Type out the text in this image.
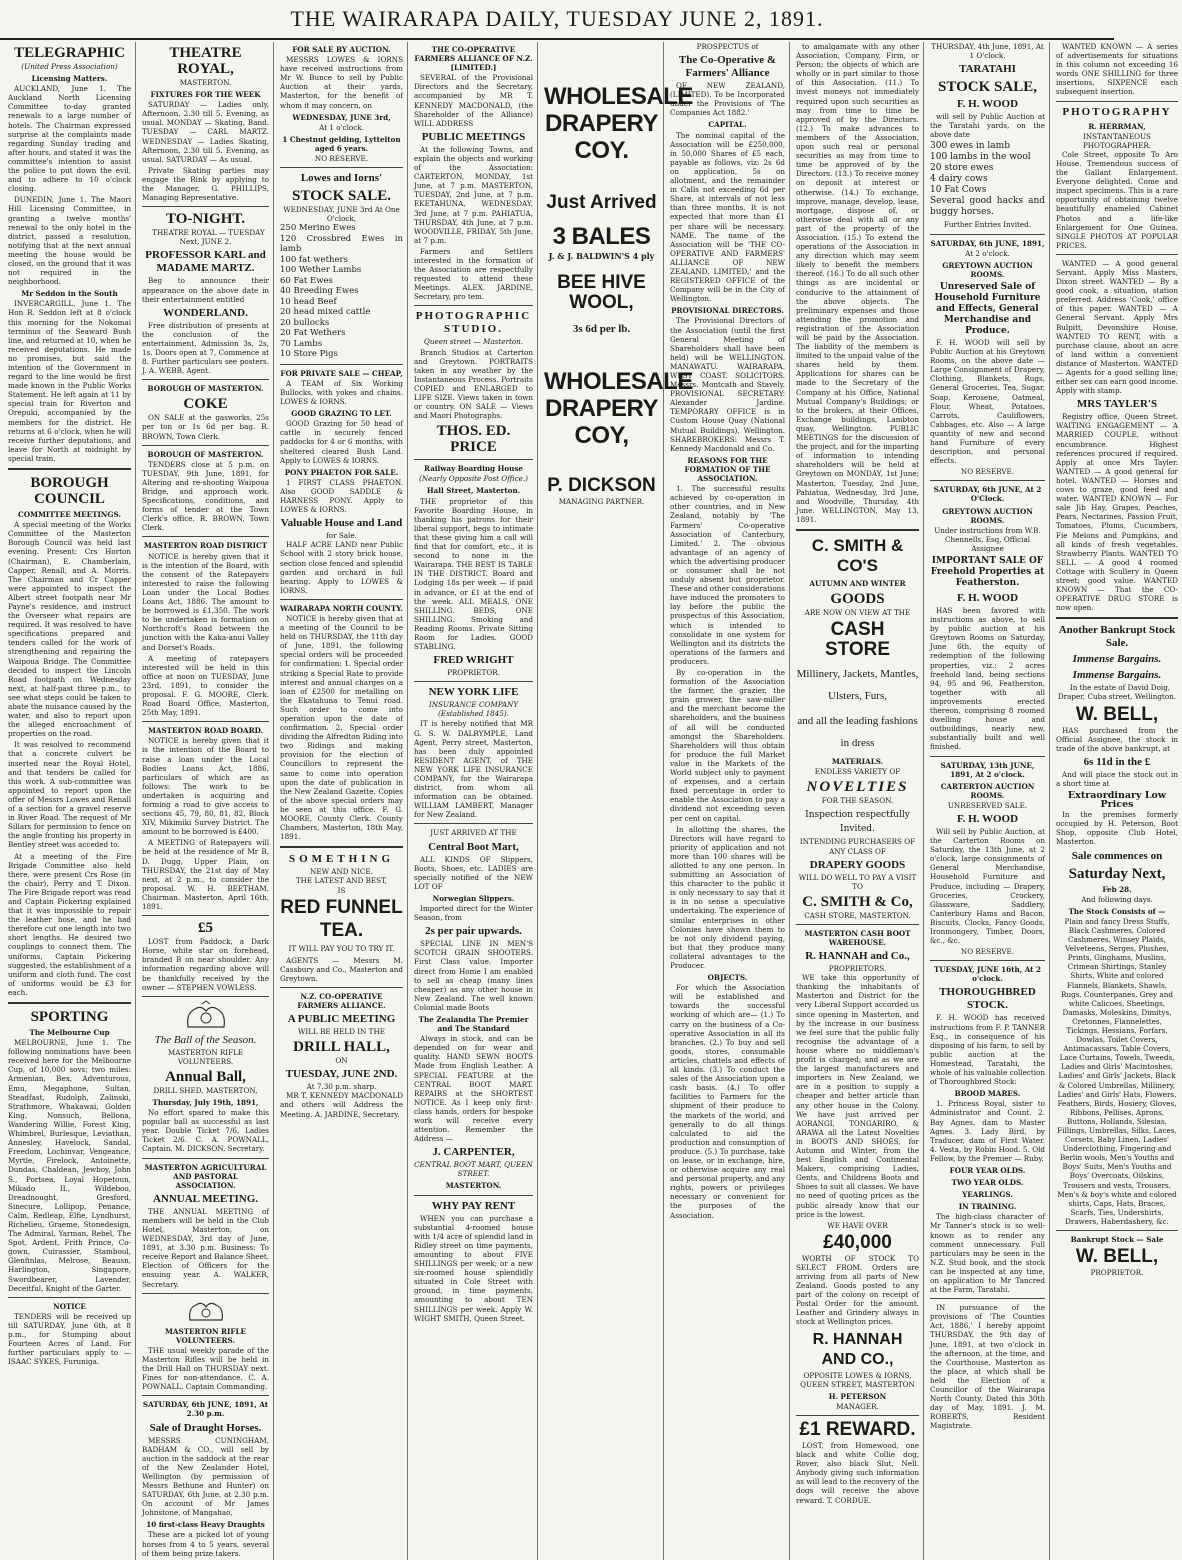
THE WAIRARAPA DAILY, TUESDAY JUNE 2, 1891.
TELEGRAPHIC
(United Press Association)
Licensing Matters.

AUCKLAND, June 1. The Auckland North Licensing Committee to-day granted renewals to a large number of hotels. The Chairman expressed surprise at the complaints made regarding Sunday trading and after hours, and stated it was the committee's intention to assist the police to put down the evil, and to adhere to 10 o'clock closing.

DUNEDIN, June 1. The Maori Hill Licensing Committee, in granting a twelve months' renewal to the only hotel in the district, passed a resolution, notifying that at the next annual meeting the house would be closed, on the ground that it was not required in the neighborhood.

Mr Seddon in the South

INVERCARGILL, June 1. The Hon R. Seddon left at 8 o'clock this morning for the Nokomai terminus of the Seaward Bush line, and returned at 10, when he received deputations. He made no promises, but said the intention of the Government in regard to the line would be first made known in the Public Works Statement. He left again at 11 by special train for Riverton and Orepuki, accompanied by the members for the district. He returns at 6 o'clock, when he will receive further deputations, and leave for North at midnight by special train.

BOROUGH COUNCIL
COMMITTEE MEETINGS.

A special meeting of the Works Committee of the Masterton Borough Council was held last evening. Present: Crs Horton (Chairman), E. Chamberlain, Capper, Renall, and A. Morris. The Chairman and Cr Capper were appointed to inspect the Albert street footpath near Mr Payne's residence, and instruct the Overseer what repairs are required. It was resolved to have specifications prepared and tenders called for the work of strengthening and repairing the Waipoua Bridge. The Committee decided to inspect the Lincoln Road footpath on Wednesday next, at half-past three p.m., to see what steps could be taken to abate the nuisance caused by the water, and also to report upon the alleged encroachment of properties on the road.

It was resolved to recommend that a concrete culvert be inserted near the Royal Hotel, and that tenders be called for this work. A sub-committee was appointed to report upon the offer of Messrs Lowes and Renall of a section for a gravel reserve in River Road. The request of Mr Sillars for permission to fence on the angle fronting his property in Bentley street was acceded to.

At a meeting of the Fire Brigade Committee also held there, were present Crs Rose (in the chair), Perry and T. Dixon. The Fire Brigade report was read and Captain Pickering explained that it was impossible to repair the leather hose, and he had therefore cut one length into two short lengths. He desired two couplings to connect them. The uniforms, Captain Pickering suggested, the establishment of a uniform and cloth fund. The cost of uniforms would be £3 for each.

SPORTING
The Melbourne Cup

MELBOURNE, June 1. The following nominations have been received here for the Melbourne Cup, of 10,000 sovs; two miles: Armenian, Bex, Adventurous, Emu, Megaphone, Sultan, Steadfast, Rudolph, Zalinski, Strathmore, Whakawai, Golden King, Nonsuch, Bellona, Wandering Willie, Forest King, Whimbrel, Burlesque, Leviathan, Annesley, Havelock, Sandal, Freedom, Lochinvar, Vengeance, Myrtle, Firelock, Antoinette, Dundas, Chaldean, Jewboy, John S., Portsea, Loyal Hopetoun, Mikado II., Wildeboo, Dreadnought, Gresford, Sinecure, Lollipop, Penance, Calm, Redleap, Elfie, Lyndhurst, Richelieu, Graeme, Stonedesign, The Admiral, Yarman, Rebel, The Spot, Ardent, Frith Prince, Co-gown, Cuirassier, Stamboul, Glenfinlas, Melrose, Beausn, Harlington, Singapore, Swordbearer, Lavender, Deceitful, Knight of the Garter.

NOTICE

TENDERS will be received up till SATURDAY, June 6th, at 8 p.m., for Stumping about Fourteen Acres of Land. For further particulars apply to — ISAAC SYKES, Furuniga.

THEATRE ROYAL,
MASTERTON.
FIXTURES FOR THE WEEK

SATURDAY — Ladies only, Afternoon, 2.30 till 5. Evening, as usual. MONDAY — Skating, Band. TUESDAY — CARL MARTZ. WEDNESDAY — Ladies Skating, Afternoon, 2.30 till 5. Evening, as usual. SATURDAY — As usual.

Private Skating parties may engage the Rink by applying to the Manager. G. PHILLIPS, Managing Representative.

TO-NIGHT.

THEATRE ROYAL — TUESDAY Next, JUNE 2.

PROFESSOR KARL and MADAME MARTZ.

Beg to announce their appearance on the above date in their entertainment entitled

WONDERLAND.

Free distribution of presents at the conclusion of the entertainment. Admission 3s, 2s, 1s. Doors open at 7, Commence at 8. Further particulars see posters. J. A. WEBB, Agent.

BOROUGH OF MASTERTON.
COKE

ON SALE at the gasworks, 25s per ton or 1s 6d per bag. R. BROWN, Town Clerk.

BOROUGH OF MASTERTON.

TENDERS close at 5 p.m. on TUESDAY, 9th June, 1891, for Altering and re-shooting Waipoua Bridge, and approach work. Specifications, conditions, and forms of tender at the Town Clerk's office. R. BROWN, Town Clerk.

MASTERTON ROAD DISTRICT

NOTICE is hereby given that it is the intention of the Board, with the consent of the Ratepayers interested to raise the following Loan under the Local Bodies Loans Act, 1886. The amount to be borrowed is £1,350. The work to be undertaken is formation on Northcroft's Road between the junction with the Kaka-anui Valley and Dorset's Roads.

A meeting of ratepayers interested will be held in this office at noon on TUESDAY, June 23rd, 1891, to consider the proposal. F. G. MOORE, Clerk. Road Board Office, Masterton, 25th May, 1891.

MASTERTON ROAD BOARD.

NOTICE is hereby given that it is the intention of the Board to raise a loan under the Local Bodies Loans Act, 1886, particulars of which are as follows: The work to be undertaken is acquiring and forming a road to give access to sections 45, 79, 80, 81, 82, Block XIV, Mikimiki Survey District. The amount to be borrowed is £400.

A MEETING of Ratepayers will be held at the residence of Mr B. D. Dugg, Upper Plain, on THURSDAY, the 21st day of May next, at 2 p.m., to consider the proposal. W. H. BEETHAM, Chairman. Masterton, April 16th, 1891.

£5

LOST from Paddock, a Dark Horse, white star on forehead, branded B on near shoulder. Any information regarding above will be thankfully received by the owner — STEPHEN VOWLESS.

The Ball of the Season.
MASTERTON RIFLE VOLUNTEERS.
Annual Ball,
DRILL SHED, MASTERTON,
Thursday, July 19th, 1891,

No effort spared to make this popular ball as successful as last year. Double Ticket 7/6, Ladies Ticket 2/6. C. A. POWNALL, Captain. M. DICKSON, Secretary.

MASTERTON AGRICULTURAL AND PASTORAL ASSOCIATION.
ANNUAL MEETING.

THE ANNUAL MEETING of members will be held in the Club Hotel, Masterton, on WEDNESDAY, 3rd day of June, 1891, at 3.30 p.m. Business: To receive Report and Balance Sheet. Election of Officers for the ensuing year. A. WALKER, Secretary.

MASTERTON RIFLE VOLUNTEERS.

THE usual weekly parade of the Masterton Rifles will be held in the Drill Hall on THURSDAY next. Fines for non-attendance. C. A. POWNALL, Captain Commanding.

SATURDAY, 6th JUNE, 1891, At 2.30 p.m.
Sale of Draught Horses.

MESSRS CUNINGHAM, BADHAM & CO., will sell by auction in the saddock at the rear of the New Zealander Hotel, Wellington (by permission of Messrs Bethune and Hunter) on SATURDAY, 6th June, at 2.30 p.m. On account of Mr James Johnstone, of Mangahao,

10 first-class Heavy Draughts

These are a picked lot of young horses from 4 to 5 years, several of them being prize takers.

FOR SALE BY AUCTION.

MESSRS LOWES & IORNS have received instructions from Mr W. Bunce to sell by Public Auction at their yards, Masterton, for the benefit of whom it may concern, on

WEDNESDAY, JUNE 3rd,
At 1 o'clock.
1 Chestnut gelding, Lyttelton aged 6 years.
NO RESERVE.
Lowes and Iorns'
STOCK SALE.
WEDNESDAY, JUNE 3rd At One O'clock,

250 Merino Ewes
120 Crossbred Ewes in lamb
100 fat wethers
100 Wether Lambs
60 Fat Ewes
40 Breeding Ewes
10 head Beef
20 head mixed cattle
20 bullocks
20 Fat Wethers
70 Lambs
10 Store Pigs

FOR PRIVATE SALE — CHEAP,

A TEAM of Six Working Bullocks, with yokes and chains. LOWES & IORNS.

GOOD GRAZING TO LET.

GOOD Grazing for 50 head of cattle in securely fenced paddocks for 4 or 6 months, with sheltered cleared Bush Land. Apply to LOWES & IORNS.

PONY PHAETON FOR SALE.

1 FIRST CLASS PHAETON. Also GOOD SADDLE & HARNESS PONY. Apply to LOWES & IORNS.

Valuable House and Land
for Sale.

HALF ACRE LAND near Public School with 2 story brick house, section close fenced and splendid garden and orchard in full bearing. Apply to LOWES & IORNS.

WAIRARAPA NORTH COUNTY.

NOTICE is hereby given that at a meeting of the Council to be held on THURSDAY, the 11th day of June, 1891, the following special orders will be proceeded for confirmation: 1. Special order striking a Special Rate to provide interest and annual charges on a loan of £2500 for metalling on the Ekatahuna to Tenui road. Such order to come into operation upon the date of confirmation. 2. Special order dividing the Alfredton Riding into two Ridings and making provision for the election of Councillors to represent the same to come into operation upon the date of publication in the New Zealand Gazette. Copies of the above special orders may be seen at this office. F. G. MOORE, County Clerk. County Chambers, Masterton, 18th May, 1891.

SOMETHING
NEW AND NICE.
THE LATEST AND BEST,
IS
RED FUNNEL
TEA.
IT WILL PAY YOU TO TRY IT.

AGENTS — Messrs M. Cassbury and Co., Masterton and Greytown.

N.Z. CO-OPERATIVE FARMERS ALLIANCE.
A PUBLIC MEETING
WILL BE HELD IN THE
DRILL HALL,
ON
TUESDAY, JUNE 2ND.
At 7.30 p.m. sharp.

MR T. KENNEDY MACDONALD and others will Address the Meeting. A. JARDINE, Secretary.

THE CO-OPERATIVE FARMERS ALLIANCE OF N.Z. [LIMITED.]

SEVERAL of the Provisional Directors and the Secretary, accompanied by MR T. KENNEDY MACDONALD, (the Shareholder of the Alliance) WILL ADDRESS

PUBLIC MEETINGS

At the following Towns, and explain the objects and working of the Association: CARTERTON, MONDAY, 1st June, at 7 p.m. MASTERTON, TUESDAY, 2nd June, at 7 p.m. EKETAHUNA, WEDNESDAY, 3rd June, at 7 p.m. PAHIATUA, THURSDAY, 4th June, at 7 p.m. WOODVILLE, FRIDAY, 5th June, at 7 p.m.

Farmers and Settlers interested in the formation of the Association are respectfully requested to attend these Meetings. ALEX. JARDINE, Secretary, pro tem.

PHOTOGRAPHIC STUDIO.
Queen street — Masterton.

Branch Studios at Carterton and Greytown. PORTRAITS taken in any weather by the Instantaneous Process. Portraits COPIED and ENLARGED to LIFE SIZE. Views taken in town or country. ON SALE — Views and Maori Photographs.

THOS. ED. PRICE
Railway Boarding House
(Nearly Opposite Post Office.)
Hall Street, Masterton.

THE proprietor of this Favorite Boarding House, in thanking his patrons for their liberal support, begs to intimate that these giving him a call will find that for comfort, etc., it is second to none in the Wairarapa. THE BEST IS TABLE IN THE DISTRICT. Board and Lodging 18s per week — if paid in advance, or £1 at the end of the week. ALL MEALS, ONE SHILLING. BEDS, ONE SHILLING. Smoking and Reading Rooms. Private Sitting Room for Ladies. GOOD STABLING.

FRED WRIGHT
PROPRIETOR.
NEW YORK LIFE
INSURANCE COMPANY (Established 1845).

IT is hereby notified that MR G. S. W. DALRYMPLE, Land Agent, Perry street, Masterton, has been duly appointed RESIDENT AGENT, of THE NEW YORK LIFE INSURANCE COMPANY, for the Wairarapa district, from whom all information can be obtained. WILLIAM LAMBERT, Manager for New Zealand.

JUST ARRIVED AT THE
Central Boot Mart,

ALL KINDS OF Slippers, Boots, Shoes, etc. LADIES are specially notified of the NEW LOT OF

Norwegian Slippers.

Imported direct for the Winter Season, from

2s per pair upwards.

SPECIAL LINE IN MEN'S SCOTCH GRAIN SHOOTERS. First Class value. Importer direct from Home I am enabled to sell as cheap (many lines cheaper) as any other house in New Zealand. The well known Colonial made Boots

The Zealandia The Premier and The Standard

Always in stock, and can be depended on for wear and quality. HAND SEWN BOOTS Made from English Leather. A SPECIAL FEATURE at the CENTRAL BOOT MART. REPAIRS at the SHORTEST NOTICE. As I keep only first-class hands, orders for bespoke work will receive every attention. Remember the Address —

J. CARPENTER,
CENTRAL BOOT MART, QUEEN STREET.
MASTERTON.
WHY PAY RENT

WHEN you can purchase a substantial 4-roomed house with 1/4 acre of splendid land in Ridley street on time payments, amounting to about FIVE SHILLINGS per week; or a new six-roomed house splendidly situated in Cole Street with ground, in time payments, amounting to about TEN SHILLINGS per week. Apply W. WIGHT SMITH, Queen Street.

WHOLESALE
DRAPERY
COY.
Just Arrived
3 BALES
J. & J. BALDWIN'S 4 ply
BEE HIVE WOOL,
3s 6d per lb.
WHOLESALE
DRAPERY
COY,
P. DICKSON
MANAGING PARTNER.
PROSPECTUS of
The Co-Operative & Farmers' Alliance

OF NEW ZEALAND, (LIMITED). To be Incorporated under the Provisions of 'The Companies Act 1882.'

CAPITAL.

The nominal capital of the Association will be £250,000, in 50,000 Shares of £5 each, payable as follows, viz: 2s 6d on application, 5s on allotment, and the remainder in Calls not exceeding 6d per Share, at intervals of not less than three months. It is not expected that more than £1 per share will be necessary. NAME. The name of the Association will be 'THE CO-OPERATIVE AND FARMERS' ALLIANCE OF NEW ZEALAND, LIMITED,' and the REGISTERED OFFICE of the Company will be in the City of Wellington.

PROVISIONAL DIRECTORS.

The Provisional Directors of the Association (until the first General Meeting of Shareholders shall have been held) will be WELLINGTON. MANAWATU. WAIRARAPA. WEST COAST. SOLICITORS. Messrs. Montcath and Stavely. PROVISIONAL SECRETARY: Alexander Jardine. TEMPORARY OFFICE is in Custom House Quay (National Mutual Buildings), Wellington. SHAREBROKERS: Messrs T. Kennedy Macdonald and Co.

REASONS FOR THE FORMATION OF THE ASSOCIATION.

1. The successful results achieved by co-operation in other countries, and in New Zealand, notably by 'The Farmers' Co-operative Association of Canterbury, Limited.' 2. The obvious advantage of an agency of which the advertising producer or consumer shall be not unduly absent but proprietor. These and other considerations have induced the promoters to lay before the public the prospectus of this Association, which is intended to consolidate in one system for Wellington and its districts the operations of the farmers and producers.

By co-operation in the formation of the Association the farmer, the grazier, the grain grower, the saw-miller and the merchant become the shareholders, and the business of all will be conducted amongst the Shareholders. Shareholders will thus obtain for produce the full Market value in the Markets of the World subject only to payment of expenses, and a certain fixed percentage in order to enable the Association to pay a dividend not exceeding seven per cent on capital.

In allotting the shares, the Directors will have regard to priority of application and not more than 100 shares will be allotted to any one person. In submitting an Association of this character to the public it is only necessary to say that it is in no sense a speculative undertaking. The experience of similar enterprises in other Colonies have shown them to be not only dividend paying, but that they produce many collateral advantages to the Producer.

OBJECTS.

For which the Association will be established and towards the successful working of which are— (1.) To carry on the business of a Co-operative Association in all its branches. (2.) To buy and sell goods, stores, consumable articles, chattels and effects of all kinds. (3.) To conduct the sales of the Association upon a cash basis. (4.) To offer facilities to Farmers for the shipment of their produce to the markets of the world, and generally to do all things calculated to aid the production and consumption of produce. (5.) To purchase, take on lease, or in exchange, hire, or otherwise acquire any real and personal property, and any rights, powers or privileges necessary or convenient for the purposes of the Association.

to amalgamate with any other Association, Company, Firm, or Person; the objects of which are wholly or in part similar to those of this Association. (11.) To invest moneys not immediately required upon such securities as may from time to time be approved of by the Directors. (12.) To make advances to members of the Association, upon such real or personal securities as may from time to time be approved of by the Directors. (13.) To receive money on deposit at interest or otherwise. (14.) To exchange, improve, manage, develop, lease, mortgage, dispose of, or otherwise deal with all or any part of the property of the Association. (15.) To extend the operations of the Association in any direction which may seem likely to benefit the members thereof. (16.) To do all such other things as are incidental or conducive to the attainment of the above objects. The preliminary expenses and those attending the promotion and registration of the Association will be paid by the Association. The liability of the members is limited to the unpaid value of the shares held by them. Applications for shares can be made to the Secretary of the Company at his Office, National Mutual Company's Buildings; or to the brokers, at their Offices, Exchange buildings, Lambton quay, Wellington. PUBLIC MEETINGS for the discussion of the project, and for the imparting of information to intending shareholders will be held at Greytown on MONDAY, 1st June; Masterton, Tuesday, 2nd June, Pahiatua, Wednesday, 3rd June, and Woodville, Thursday, 4th June. WELLINGTON, May 13, 1891.

C. SMITH & CO'S
AUTUMN AND WINTER
GOODS
ARE NOW ON VIEW AT THE
CASH STORE
Millinery, Jackets, Mantles, Ulsters, Furs,
and all the leading fashions in dress
MATERIALS.
ENDLESS VARIETY OF
NOVELTIES
FOR THE SEASON.
Inspection respectfully Invited.
INTENDING PURCHASERS OF ANY CLASS OF
DRAPERY GOODS
WILL DO WELL TO PAY A VISIT TO
C. SMITH & Co,
CASH STORE, MASTERTON.
MASTERTON CASH BOOT WAREHOUSE.
R. HANNAH and Co.,
PROPRIETORS.

WE take this opportunity of thanking the inhabitants of Masterton and District for the very Liberal Support accorded us since opening in Masterton, and by the increase in our business we feel sure that the public fully recognise the advantage of a house where no middleman's profit is charged; and as we are the largest manufacturers and importers in New Zealand, we are in a position to supply a cheaper and better article than any other house in the Colony. We have just arrived per AORANGI, TONGARIRO, & ARAWA all the Latest Novelties in BOOTS AND SHOES, for Autumn and Winter, from the best English and Continental Makers, comprising Ladies, Gents, and Childrens Boots and Shoes to suit all classes. We have no need of quoting prices as the public already know that our price is the lowest.

WE HAVE OVER
£40,000

WORTH OF STOCK TO SELECT FROM. Orders are arriving from all parts of New Zealand. Goods posted to any part of the colony on receipt of Postal Order for the amount. Leather and Grindery always in stock at Wellington prices.

R. HANNAH AND CO.,
OPPOSITE LOWES & IORNS, QUEEN STREET, MASTERTON
H. PETERSON
MANAGER.
£1 REWARD.

LOST, from Homewood, one black and white Collie dog, Rover, also black Slut, Nell. Anybody giving such information as will lead to the recovery of the dogs will receive the above reward. T. CORDUE.

THURSDAY, 4th June, 1891, At 1 O'clock.
TARATAHI
STOCK SALE,
F. H. WOOD

will sell by Public Auction at the Taratahi yards, on the above date

300 ewes in lamb
100 lambs in the wool
20 store ewes
4 dairy cows
10 Fat Cows
Several good hacks and buggy horses.

Further Entries Invited.
SATURDAY, 6th JUNE, 1891,
At 2 o'clock.
GREYTOWN AUCTION ROOMS.
Unreserved Sale of Household Furniture and Effects, General Merchandise and Produce.

F. H. WOOD will sell by Public Auction at his Greytown Rooms, on the above date — Large Consignment of Drapery, Clothing, Blankets, Rugs, General Groceries, Tea, Sugar, Soap, Kerosene, Oatmeal, Flour, Wheat, Potatoes, Carrots, Cauliflowers, Cabbages, etc. Also — A large quantity of new and second hand Furniture of every description, and personal effects.

NO RESERVE.
SATURDAY, 6th JUNE, At 2 O'Clock.
GREYTOWN AUCTION ROOMS.
Under instructions from W.B. Chennells, Esq, Official Assignee
IMPORTANT SALE OF Freehold Properties at Featherston.
F. H. WOOD

HAS been favored with instructions as above, to sell by public auction at his Greytown Rooms on Saturday, June 6th, the equity of redemption of the following properties, viz.: 2 acres freehold land, being sections 94, 95 and 96, Featherston, together with all improvements erected thereon, comprising 8 roomed dwelling house and outbuildings, nearly new, substantially built and well finished.

SATURDAY, 13th JUNE, 1891, At 2 o'clock.
CARTERTON AUCTION ROOMS.
UNRESERVED SALE.
F. H. WOOD

Will sell by Public Auction, at the Carterton Rooms on Saturday, the 13th June, at 2 o'clock, large consignments of General Merchandise, Household Furniture and Produce, including — Drapery, Groceries, Crockery, Glassware, Saddlery, Canterbury Hams and Bacon, Biscuits, Clocks, Fancy Goods, Ironmongery, Timber, Doors, &c., &c.

NO RESERVE.
TUESDAY, JUNE 16th, At 2 o'clock.
THOROUGHBRED STOCK.

F. H. WOOD has received instructions from F. P. TANNER Esq., in consequence of his disposing of his farm, to sell by public auction at the Homestead, Taratahi, the whole of his valuable collection of Thoroughbred Stock:

BROOD MARES.

1. Princess Royal, sister to Administrator and Count. 2. Bay Agnes, dam to Master Agnes. 3. Lady Bird, by Traducer, dam of First Water. 4. Vesta, by Robin Hood. 5. Old Fellow, by the Premier — Ruby.

FOUR YEAR OLDS.
TWO YEAR OLDS.
YEARLINGS.
IN TRAINING.

The high-class character of Mr Tanner's stock is so well-known as to render any comment unnecessary. Full particulars may be seen in the N.Z. Stud book, and the stock can be inspected at any time, on application to Mr Tancred at the Farm, Taratahi.

IN pursuance of the provisions of 'The Counties Act, 1886,' I hereby appoint THURSDAY, the 9th day of June, 1891, at two o'clock in the afternoon, at the time, and the Courthouse, Masterton as the place, at which shall be held the Election of a Councillor of the Wairarapa North County. Dated this 30th day of May, 1891. J. M. ROBERTS, Resident Magistrate.

WANTED KNOWN — A series of advertisements for situations in this column not exceeding 16 words ONE SHILLING for three insertions, SIXPENCE each subsequent insertion.

PHOTOGRAPHY
R. HERRMAN,
INSTANTANEOUS PHOTOGRAPHER.

Cole Street, opposite To Aro House. Tremendous success of the Gallant Enlargement. Everyone delighted. Come and inspect specimens. This is a rare opportunity of obtaining twelve beautifully enameled Cabinet Photos and a life-like Enlargement for One Guinea. SINGLE PHOTOS AT POPULAR PRICES.

WANTED — A good general Servant. Apply Miss Masters, Dixon street. WANTED — By a good cook, a situation, station preferred. Address 'Cook,' office of this paper. WANTED — A General Servant. Apply Mrs Bulpitt, Devonshire House. WANTED TO RENT, with a purchase clause, about an acre of land within a convenient distance of Masterton. WANTED — Agents for a good selling line; either sex can earn good income. Apply with stamp.

MRS TAYLER'S

Registry office, Queen Street. WAITING ENGAGEMENT — A MARRIED COUPLE, without encumbrance. Highest references procured if required. Apply at once Mrs Tayler. WANTED — A good general for hotel. WANTED — Horses and cows to graze, good feed and water. WANTED KNOWN — For sale Jib Hay, Grapes, Peaches, Pears, Nectarines, Passion Fruit, Tomatoes, Plums, Cucumbers, Fie Melons and Pumpkins, and all kinds of fresh vegetables. Strawberry Plants. WANTED TO SELL — A good 4 roomed Cottage with Scullery in Queen street; good value. WANTED KNOWN — That the CO-OPERATIVE DRUG STORE is now open.

Another Bankrupt Stock Sale.
Immense Bargains.
Immense Bargains.

In the estate of David Doig, Draper, Cuba street, Wellington.

W. BELL,

HAS purchased from the Official Assignee, the stock in trade of the above bankrupt, at

6s 11d in the £

And will place the stock out in a short time at

Extraordinary Low Prices

In the premises formerly occupied by H. Peterson, Boot Shop, opposite Club Hotel, Masterton.

Sale commences on
Saturday Next,
Feb 28.
And following days.
The Stock Consists of —

Plain and fancy Dress Stuffs, Black Cashmeres, Colored Cashmeres, Winsey Plaids, Velveteens, Serges, Plushes, Prints, Ginghams, Muslins, Crimean Shirtings, Stanley Shirts, White and colored Flannels, Blankets, Shawls, Rugs, Counterpanes, Grey and white Calicoes, Sheetings, Damasks, Moleskins, Dimitys, Cretonnes, Flannelettes, Tickings, Hessians, Forfars, Dowlas, Toilet Covers, Antimacassars, Table Covers, Lace Curtains, Towels, Tweeds, Ladies and Girls' Macintoshes, Ladies' and Girls' Jackets, Black & Colored Umbrellas, Millinery, Ladies' and Girls' Hats, Flowers, Feathers, Birds, Hosiery, Gloves, Ribbons, Pellises, Aprons, Buttons, Hollands, Silesias, Fillings, Umbrellas, Silks, Laces, Corsets, Baby Linen, Ladies' Underclothing, Fingering and Berlin wools, Men's Youths and Boys' Suits, Men's Youths and Boys' Overcoats, Oilskins, Trousers and vests, Trousers, Men's & boy's white and colored shirts, Caps, Hats, Braces, Scarfs, Ties, Undershirts, Drawers, Haberdashery, &c.

Bankrupt Stock — Sale
W. BELL,
PROPRIETOR.
